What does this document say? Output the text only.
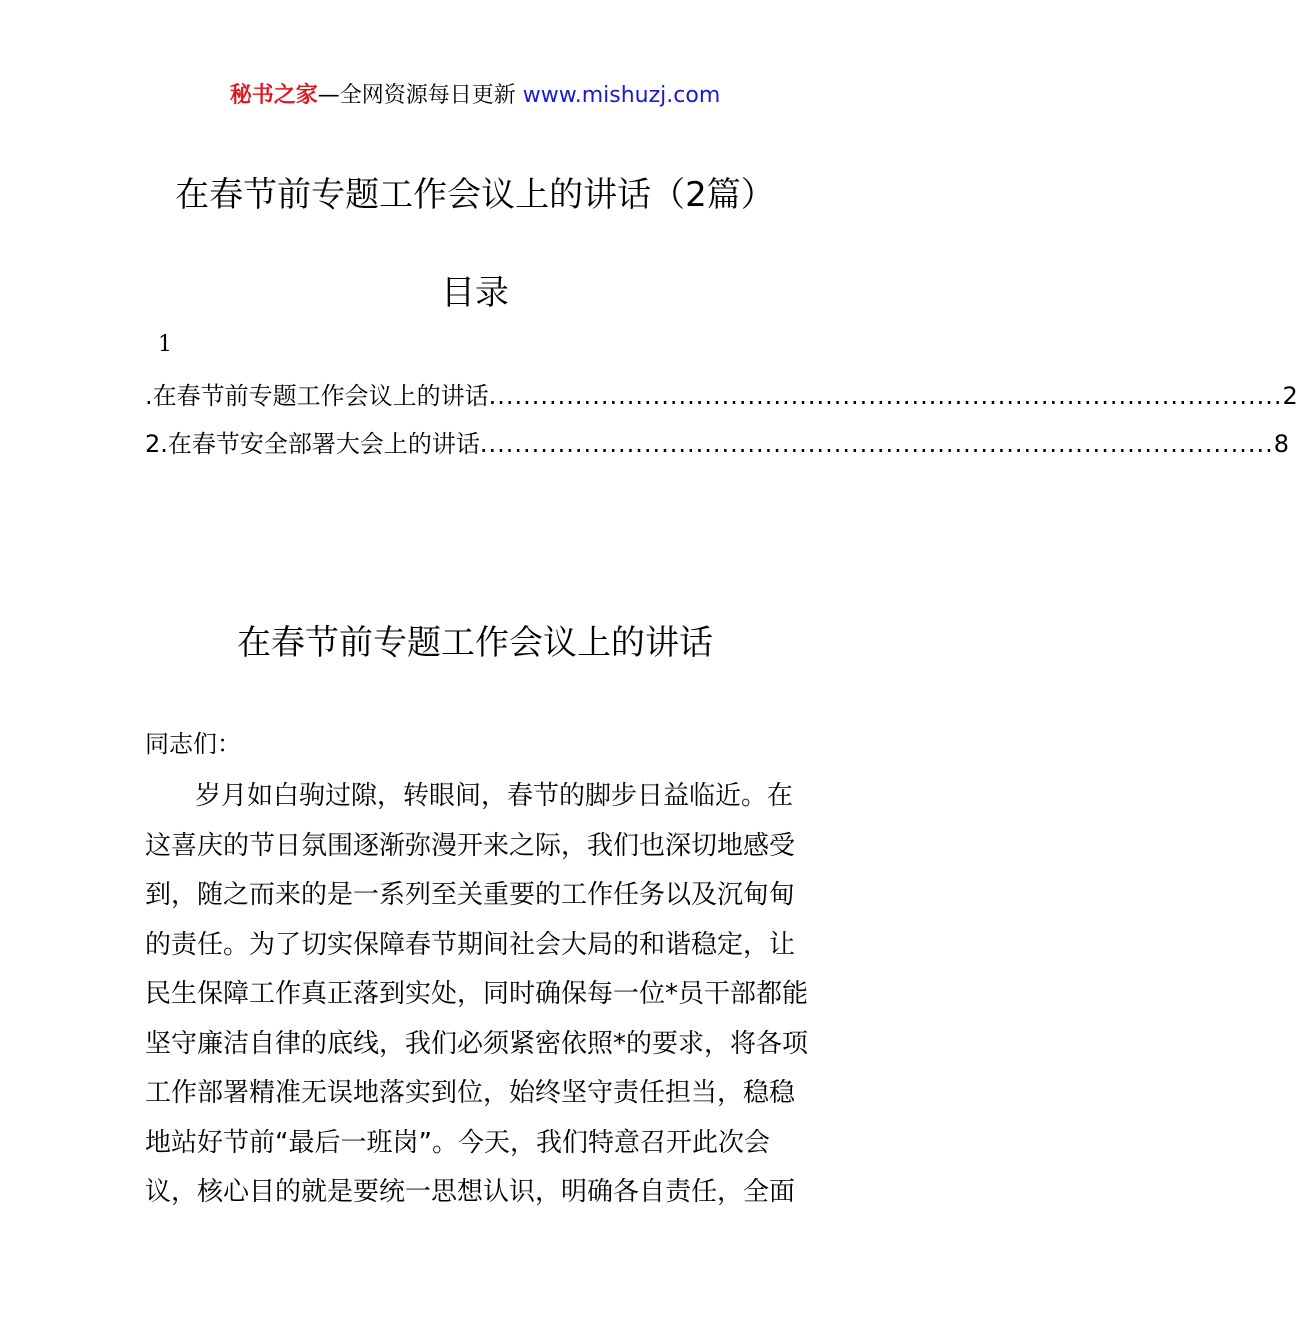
秘书之家—全网资源每日更新 www.mishuzj.com
在春节前专题工作会议上的讲话（2篇）
目录
1
.在春节前专题工作会议上的讲话 ............................................................................................ 2
2.在春节安全部署大会上的讲话 ............................................................................................ 8
在春节前专题工作会议上的讲话
同志们：
岁月如白驹过隙，转眼间，春节的脚步日益临近。在
这喜庆的节日氛围逐渐弥漫开来之际，我们也深切地感受
到，随之而来的是一系列至关重要的工作任务以及沉甸甸
的责任。为了切实保障春节期间社会大局的和谐稳定，让
民生保障工作真正落到实处，同时确保每一位*员干部都能
坚守廉洁自律的底线，我们必须紧密依照*的要求，将各项
工作部署精准无误地落实到位，始终坚守责任担当，稳稳
地站好节前“最后一班岗”。今天，我们特意召开此次会
议，核心目的就是要统一思想认识，明确各自责任，全面
